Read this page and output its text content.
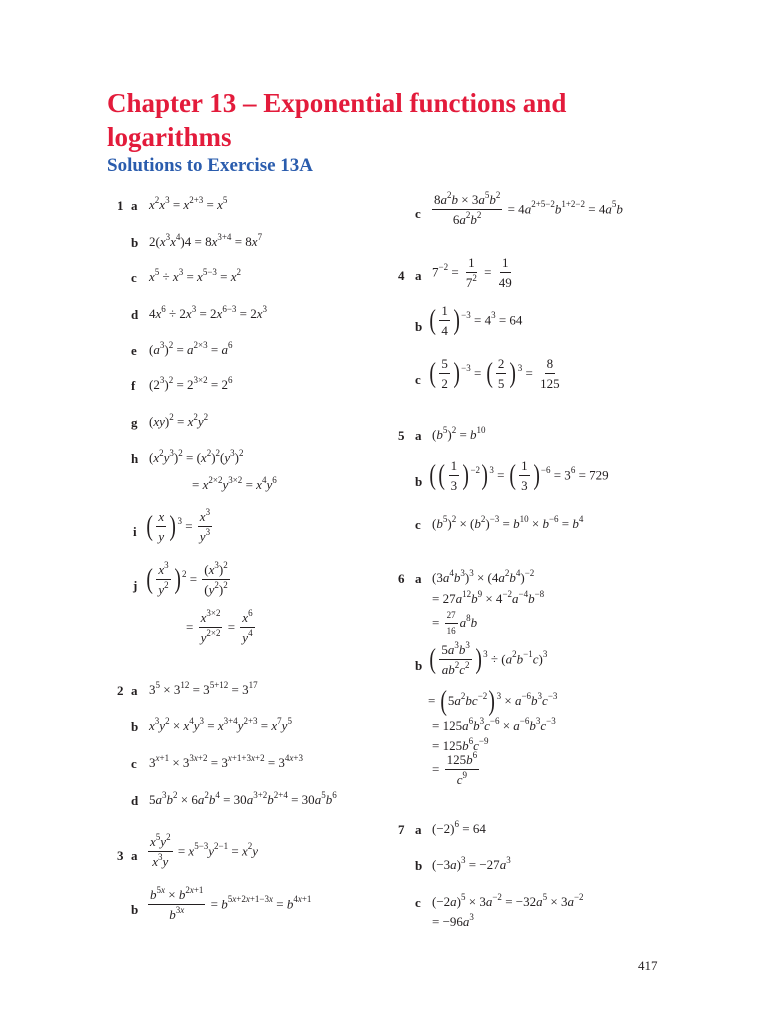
Chapter 13 – Exponential functions and logarithms
Solutions to Exercise 13A
1 a $x^2x^3 = x^{2+3} = x^5$
b $2(x^3x^4)4 = 8x^{3+4} = 8x^7$
c $x^5 \div x^3 = x^{5-3} = x^2$
d $4x^6 \div 2x^3 = 2x^{6-3} = 2x^3$
e $(a^3)^2 = a^{2\times 3} = a^6$
f $(2^3)^2 = 2^{3\times 2} = 2^6$
g $(xy)^2 = x^2y^2$
h $(x^2y^3)^2 = (x^2)^2(y^3)^2$
= $x^{2\times 2}y^{3\times 2} = x^4y^6$
i ( $\frac{x}{y} )^3 = \frac{x^3}{y^3}$
j ( $\frac{x^3}{y^2} )^2 = \frac{(x^3)^2}{(y^2)^2}$
= $\frac{x^{3\times 2}}{y^{2\times 2}} = \frac{x^6}{y^4}$
2 a $3^5 \times 3^{12} = 3^{5+12} = 3^{17}$
b $x^3y^2 \times x^4y^3 = x^{3+4}y^{2+3} = x^7y^5$
c $3^{x+1} \times 3^{3x+2} = 3^{x+1+3x+2} = 3^{4x+3}$
d $5a^3b^2 \times 6a^2b^4 = 30a^{3+2}b^{2+4} = 30a^5b^6$
3 a $\frac{x^5y^2}{x^3y} = x^{5-3}y^{2-1} = x^2y$
b $\frac{b^{5x} \times b^{2x+1}}{b^{3x}} = b^{5x+2x+1-3x} = b^{4x+1}$
c $\frac{8a^2b \times 3a^5b^2}{6a^2b^2} = 4a^{2+5-2}b^{1+2-2} = 4a^5b$
4 a $7^{-2} = \frac{1}{7^2} = \frac{1}{49}$
b ( $\frac{1}{4} )^{-3} = 4^3 = 64$
c ( $\frac{5}{2} )^{-3}$ = ( $\frac{2}{5} )^3 = \frac{8}{125}$
5 a $(b^5)^2 = b^{10}$
b (( $\frac{1}{3} )^{-2})^3$ = ( $\frac{1}{3} )^{-6} = 3^6 = 729$
c $(b^5)^2 \times (b^2)^{-3} = b^{10} \times b^{-6} = b^4$
6 a $(3a^4b^3)^3 \times (4a^2b^4)^{-2}$
= $27a^{12}b^9 \times 4^{-2}a^{-4}b^{-8}$
= $\frac{27}{16} a^8b$
b ( $\frac{5a^3b^3}{ab^2c^2} )^3 \div (a^2b^{-1}c)^3$
= $(5a^2bc^{-2})^3 \times a^{-6}b^3c^{-3}$
= $125a^6b^3c^{-6} \times a^{-6}b^3c^{-3}$
= $125b^6c^{-9}$
= $\frac{125b^6}{c^9}$
7 a $(-2)^6 = 64$
b $(-3a)^3 = -27a^3$
c $(-2a)^5 \times 3a^{-2} = -32a^5 \times 3a^{-2}$
= $-96a^3$
417
